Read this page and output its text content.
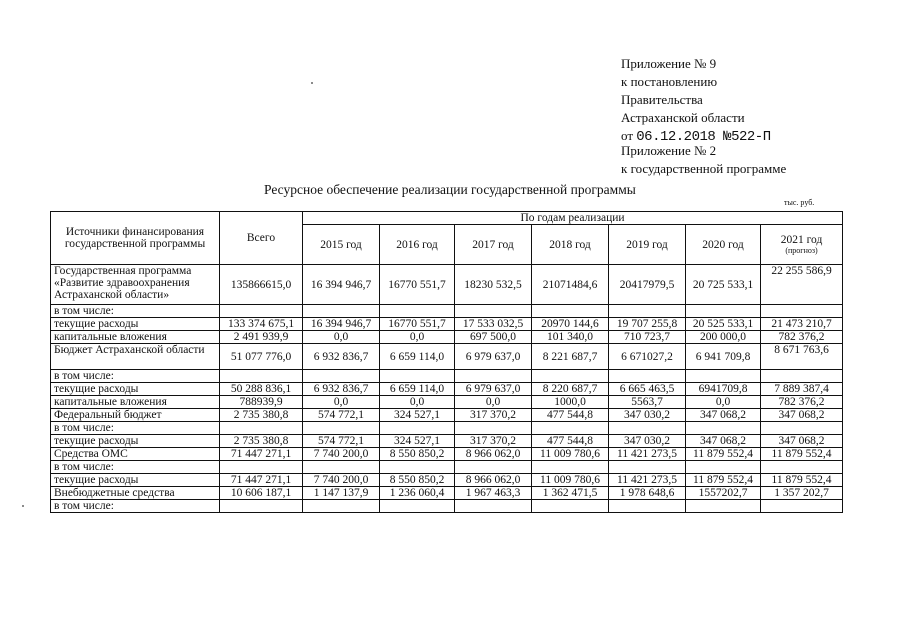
Приложение № 9
к постановлению
Правительства
Астраханской области
от 06.12.2018 №522-П
Приложение № 2
к государственной программе
Ресурсное обеспечение реализации государственной программы
тыс. руб.
Источники финансирования государственной программы	Всего	По годам реализации						
		2015 год	2016 год	2017 год	2018 год	2019 год	2020 год	2021 год
(прогноз)

Государственная программа «Развитие здравоохранения Астраханской области»	135866615,0	16 394 946,7	16770 551,7	18230 532,5	21071484,6	20417979,5	20 725 533,1	22 255 586,9
в том числе:								
текущие расходы	133 374 675,1	16 394 946,7	16770 551,7	17 533 032,5	20970 144,6	19 707 255,8	20 525 533,1	21 473 210,7
капитальные вложения	2 491 939,9	0,0	0,0	697 500,0	101 340,0	710 723,7	200 000,0	782 376,2
Бюджет Астраханской области	51 077 776,0	6 932 836,7	6 659 114,0	6 979 637,0	8 221 687,7	6 671027,2	6 941 709,8	8 671 763,6
в том числе:								
текущие расходы	50 288 836,1	6 932 836,7	6 659 114,0	6 979 637,0	8 220 687,7	6 665 463,5	6941709,8	7 889 387,4
капитальные вложения	788939,9	0,0	0,0	0,0	1000,0	5563,7	0,0	782 376,2
Федеральный бюджет	2 735 380,8	574 772,1	324 527,1	317 370,2	477 544,8	347 030,2	347 068,2	347 068,2
в том числе:								
текущие расходы	2 735 380,8	574 772,1	324 527,1	317 370,2	477 544,8	347 030,2	347 068,2	347 068,2
Средства ОМС	71 447 271,1	7 740 200,0	8 550 850,2	8 966 062,0	11 009 780,6	11 421 273,5	11 879 552,4	11 879 552,4
в том числе:								
текущие расходы	71 447 271,1	7 740 200,0	8 550 850,2	8 966 062,0	11 009 780,6	11 421 273,5	11 879 552,4	11 879 552,4
Внебюджетные средства	10 606 187,1	1 147 137,9	1 236 060,4	1 967 463,3	1 362 471,5	1 978 648,6	1557202,7	1 357 202,7
в том числе:								
